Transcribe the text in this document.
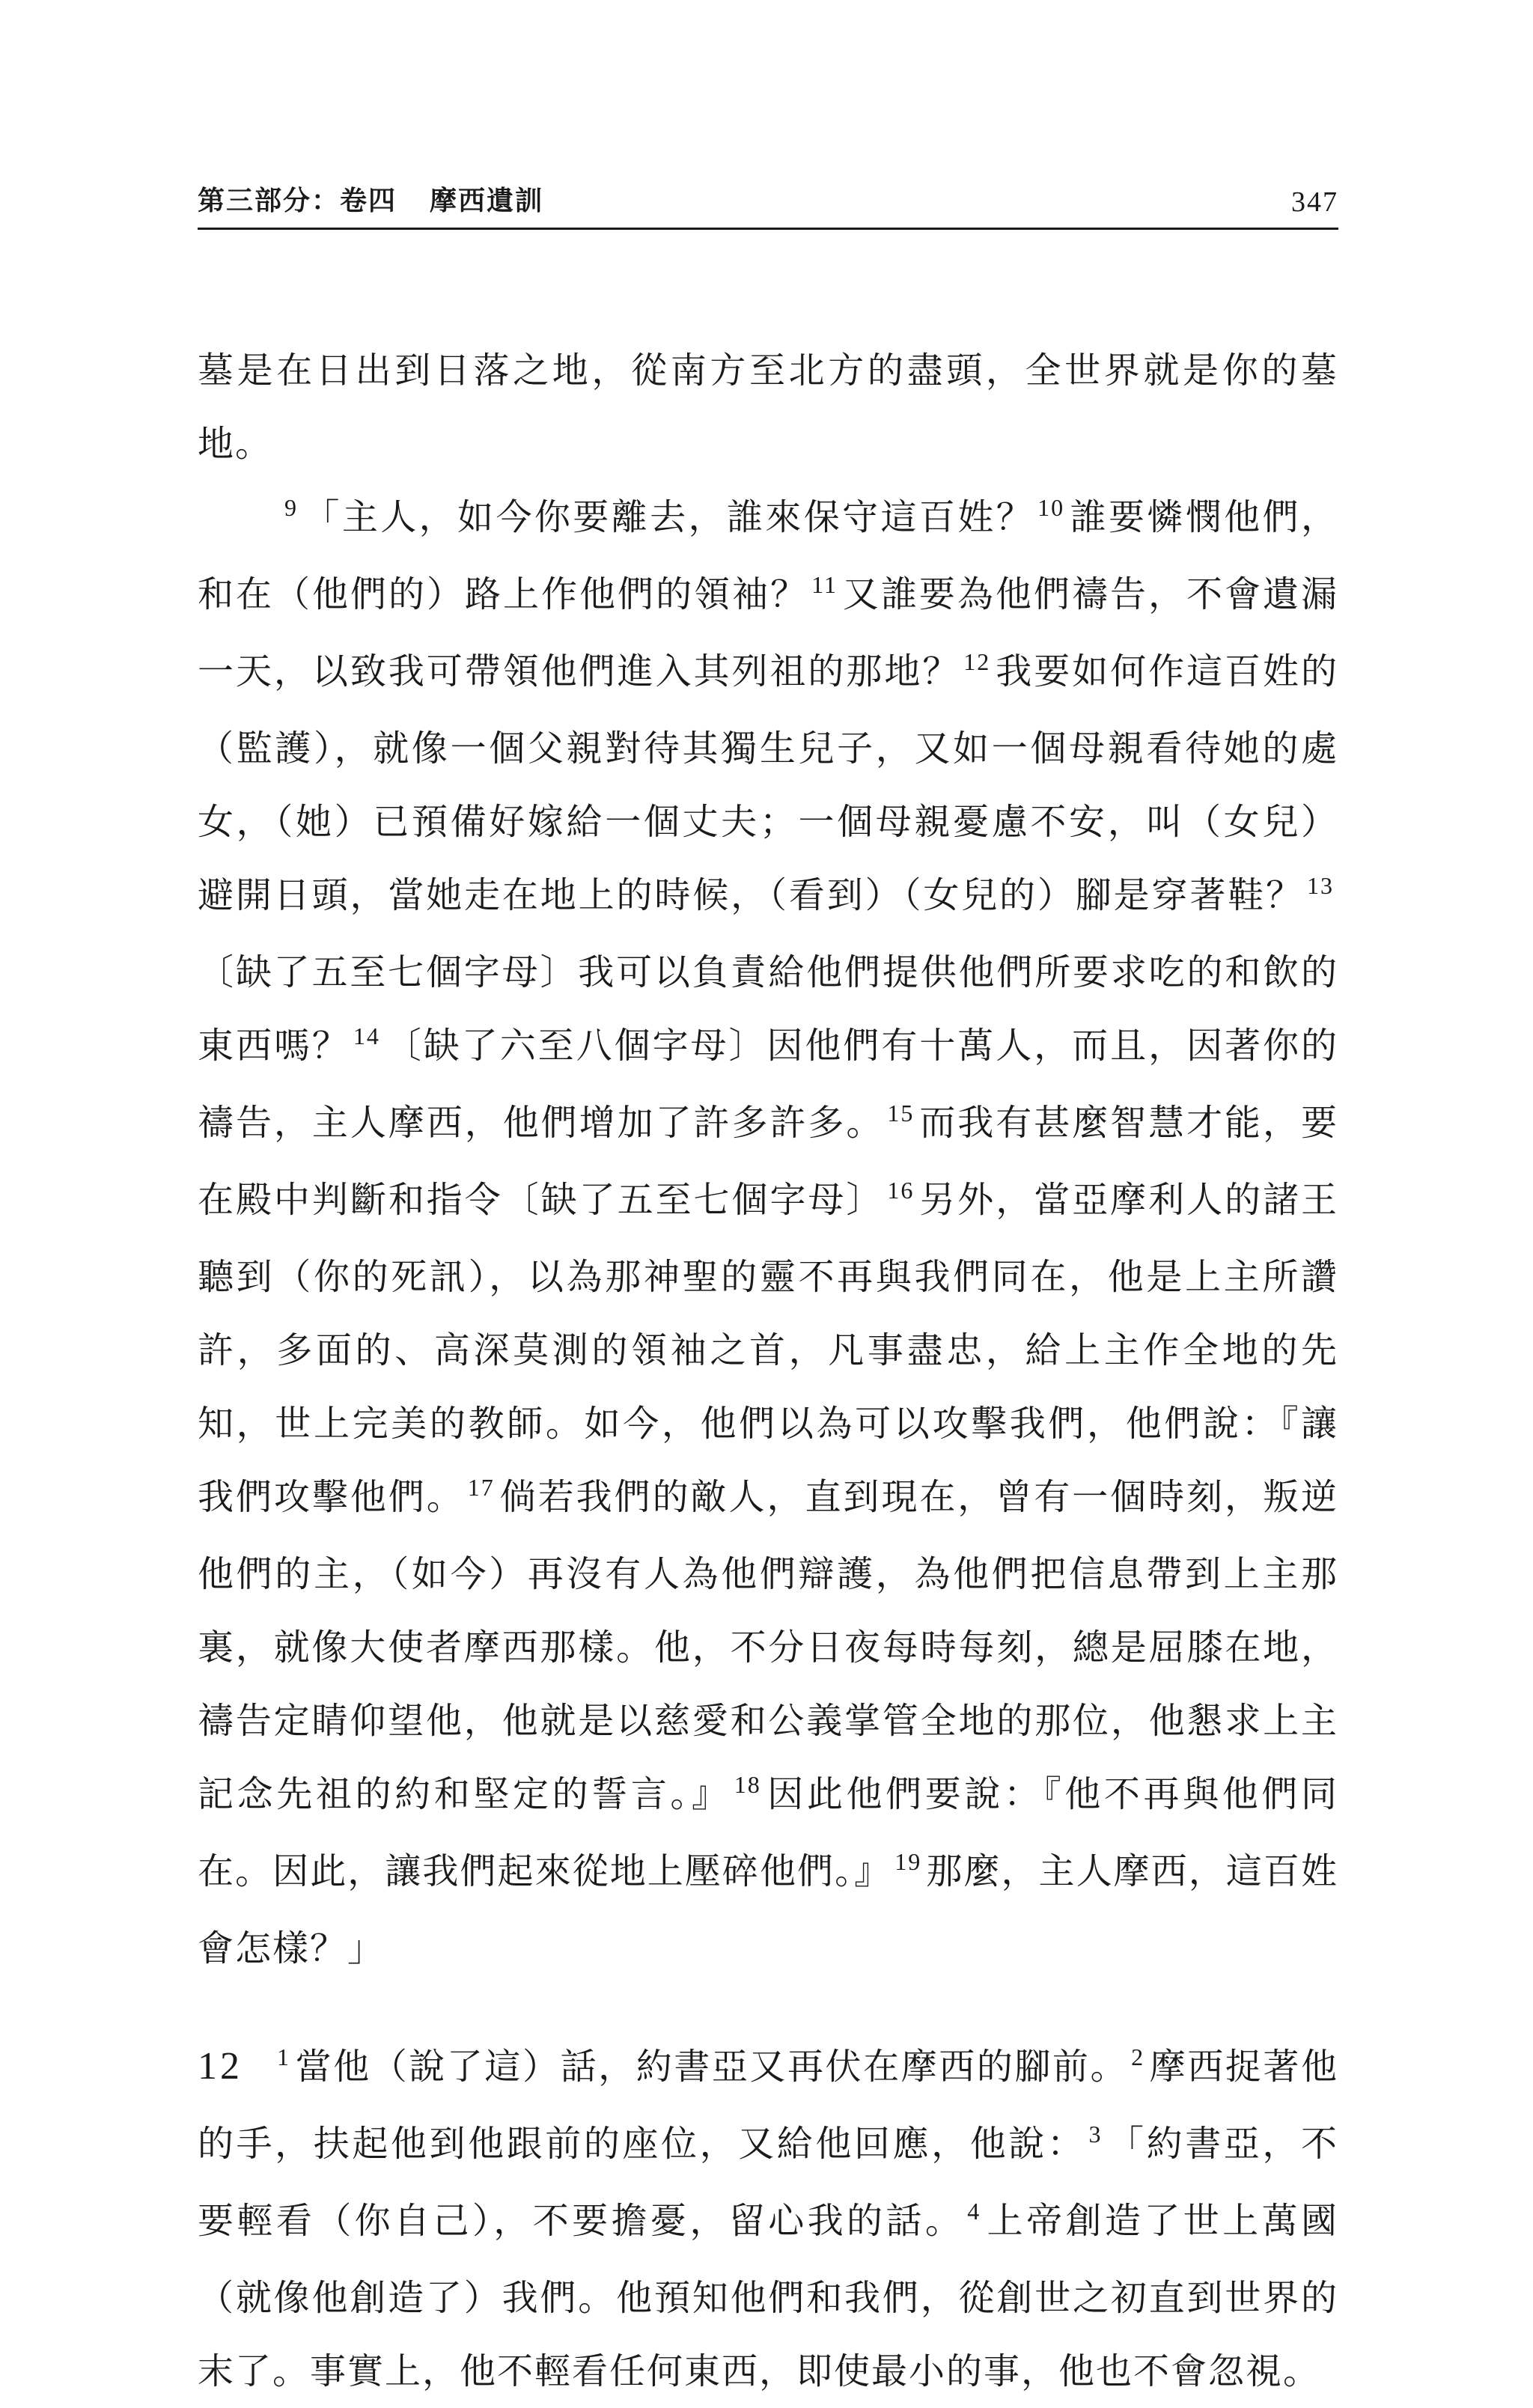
第三部分：卷四 摩西遺訓	347

墓是在日出到日落之地，從南方至北方的盡頭，全世界就是你的墓地。

$^9$ 「主人，如今你要離去，誰來保守這百姓？ $^{10}$ 誰要憐憫他們，和在（他們的）路上作他們的領袖？ $^{11}$ 又誰要為他們禱告，不會遺漏一天，以致我可帶領他們進入其列祖的那地？ $^{12}$ 我要如何作這百姓的（監護），就像一個父親對待其獨生兒子，又如一個母親看待她的處女，（她）已預備好嫁給一個丈夫；一個母親憂慮不安，叫（女兒）避開日頭，當她走在地上的時候，（看到）（女兒的）腳是穿著鞋？ $^{13}$〔缺了五至七個字母〕我可以負責給他們提供他們所要求吃的和飲的東西嗎？ $^{14}$ 〔缺了六至八個字母〕因他們有十萬人，而且，因著你的禱告，主人摩西，他們增加了許多許多。 $^{15}$ 而我有甚麼智慧才能，要在殿中判斷和指令〔缺了五至七個字母〕 $^{16}$ 另外，當亞摩利人的諸王聽到（你的死訊），以為那神聖的靈不再與我們同在，他是上主所讚許，多面的、高深莫測的領袖之首，凡事盡忠，給上主作全地的先知，世上完美的教師。如今，他們以為可以攻擊我們，他們說：『讓我們攻擊他們。 $^{17}$ 倘若我們的敵人，直到現在，曾有一個時刻，叛逆他們的主，（如今）再沒有人為他們辯護，為他們把信息帶到上主那裏，就像大使者摩西那樣。他，不分日夜每時每刻，總是屈膝在地，禱告定睛仰望他，他就是以慈愛和公義掌管全地的那位，他懇求上主記念先祖的約和堅定的誓言。』 $^{18}$ 因此他們要說：『他不再與他們同在。因此，讓我們起來從地上壓碎他們。』 $^{19}$ 那麼，主人摩西，這百姓會怎樣？」

12 $^1$ 當他（說了這）話，約書亞又再伏在摩西的腳前。 $^2$ 摩西捉著他的手，扶起他到他跟前的座位，又給他回應，他說： $^3$ 「約書亞，不要輕看（你自己），不要擔憂，留心我的話。 $^4$ 上帝創造了世上萬國（就像他創造了）我們。他預知他們和我們，從創世之初直到世界的末了。事實上，他不輕看任何東西，即使最小的事，他也不會忽視。
